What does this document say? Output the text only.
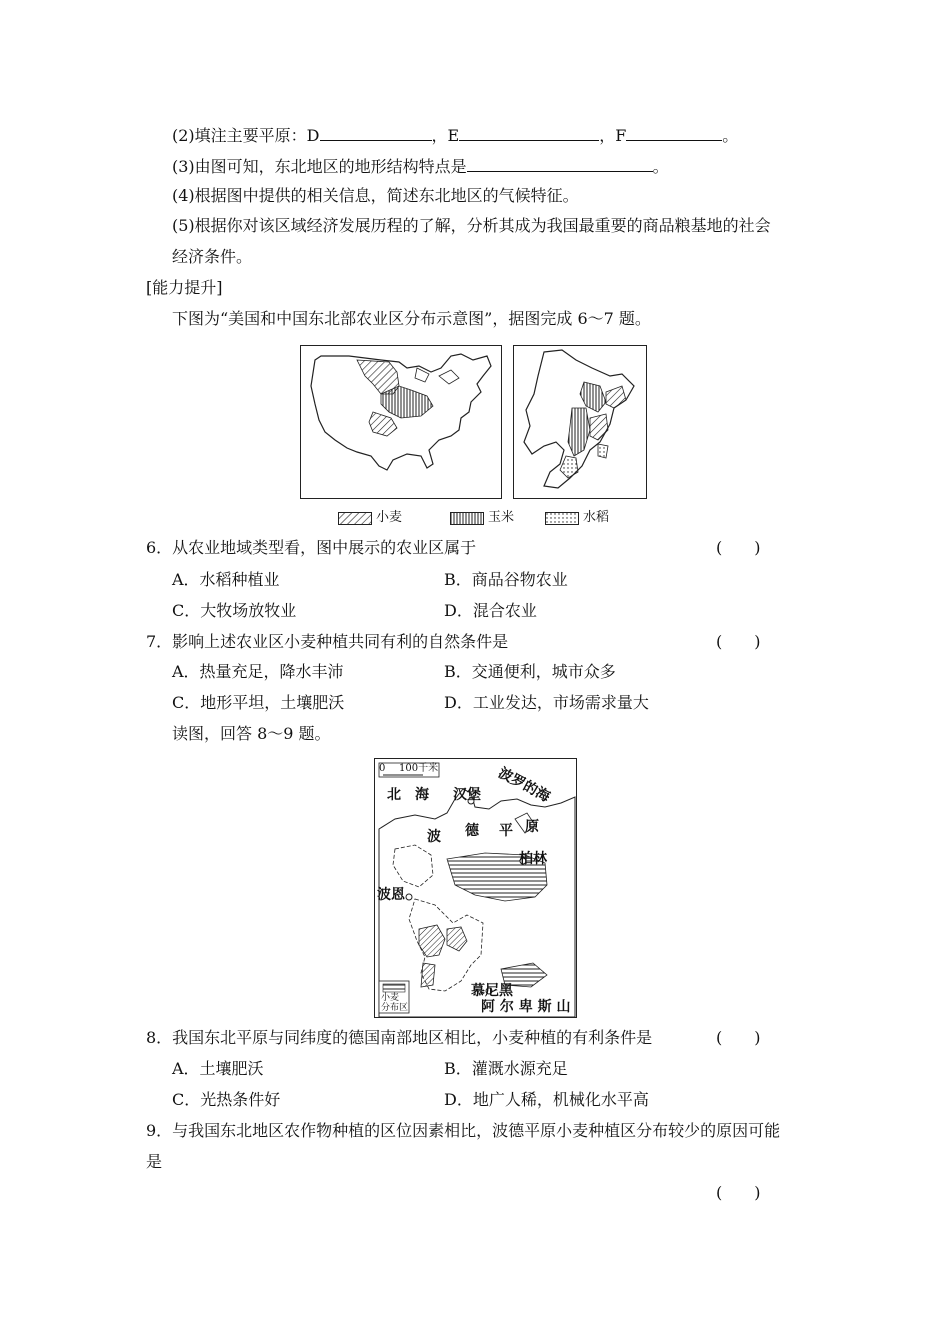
(2)填注主要平原：D	，E	，F	。
(3)由图可知，东北地区的地形结构特点是	。
(4)根据图中提供的相关信息，简述东北地区的气候特征。
(5)根据你对该区域经济发展历程的了解，分析其成为我国最重要的商品粮基地的社会
经济条件。
[能力提升]
下图为“美国和中国东北部农业区分布示意图”，据图完成 6～7 题。
小麦	玉米	水稻
6．从农业地域类型看，图中展示的农业区属于	(　　)
A．水稻种植业	B．商品谷物农业
C．大牧场放牧业	D．混合农业
7．影响上述农业区小麦种植共同有利的自然条件是	(　　)
A．热量充足，降水丰沛	B．交通便利，城市众多
C．地形平坦，土壤肥沃	D．工业发达，市场需求量大
读图，回答 8～9 题。
0 100千米
北　海	波罗的海
汉堡
波 德 平 原
柏林
波恩
慕尼黑
阿 尔 卑 斯 山
小麦
分布区
8．我国东北平原与同纬度的德国南部地区相比，小麦种植的有利条件是	(　　)
A．土壤肥沃	B．灌溉水源充足
C．光热条件好	D．地广人稀，机械化水平高
9．与我国东北地区农作物种植的区位因素相比，波德平原小麦种植区分布较少的原因可能
是
(　　)
